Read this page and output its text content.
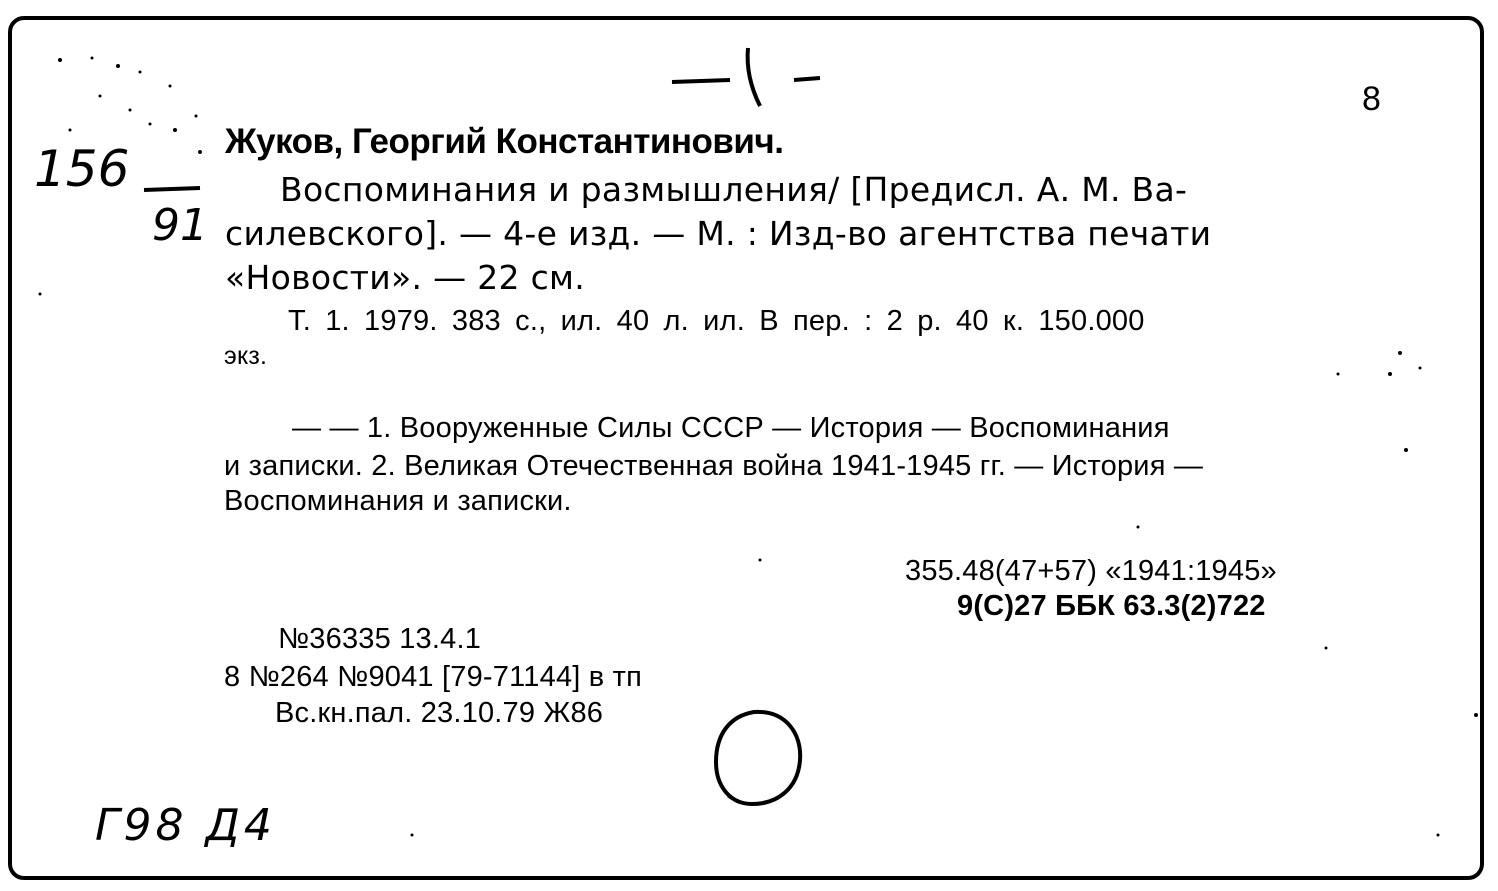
8
156
91
Жуков, Георгий Константинович.
Воспоминания и размышления/ [Предисл. А. М. Ва-
силевского]. — 4-е изд. — М. : Изд-во агентства печати
«Новости». — 22 см.
Т. 1. 1979. 383 с., ил. 40 л. ил. В пер. : 2 р. 40 к. 150.000
экз.
— — 1. Вооруженные Силы СССР — История — Воспоминания
и записки. 2. Великая Отечественная война 1941-1945 гг. — История —
Воспоминания и записки.
355.48(47+57) «1941:1945»
9(С)27 ББК 63.3(2)722
№36335 13.4.1
8 №264 №9041 [79-71144] в тп
Вс.кн.пал. 23.10.79 Ж86
Г98 Д4
